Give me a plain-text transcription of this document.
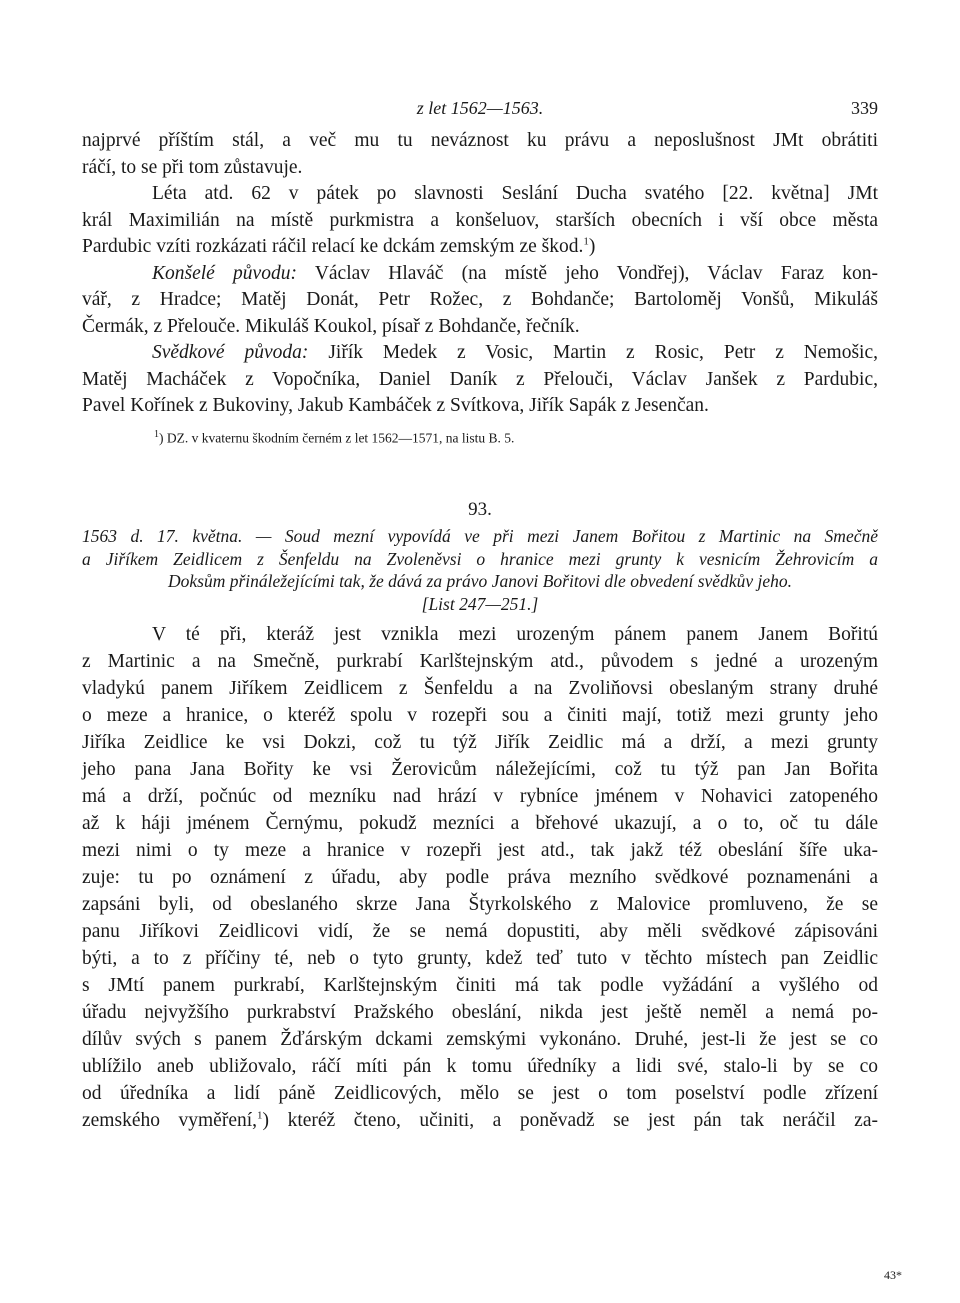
z let 1562—1563.	339
najprvé příštím stál, a več mu tu neváznost ku právu a neposlušnost JMt obrátiti
ráčí, to se při tom zůstavuje.
Léta atd. 62 v pátek po slavnosti Seslání Ducha svatého [22. května] JMt
král Maximilián na místě purkmistra a konšeluov, starších obecních i vší obce města
Pardubic vzíti rozkázati ráčil relací ke dckám zemským ze škod.$^1$)
Konšelé původu: Václav Hlaváč (na místě jeho Vondřej), Václav Faraz kon-
vář, z Hradce; Matěj Donát, Petr Rožec, z Bohdanče; Bartoloměj Vonšů, Mikuláš
Čermák, z Přelouče. Mikuláš Koukol, písař z Bohdanče, řečník.
Svědkové původa: Jiřík Medek z Vosic, Martin z Rosic, Petr z Nemošic,
Matěj Macháček z Vopočníka, Daniel Daník z Přelouči, Václav Janšek z Pardubic,
Pavel Kořínek z Bukoviny, Jakub Kambáček z Svítkova, Jiřík Sapák z Jesenčan.
$^1$) DZ. v kvaternu škodním černém z let 1562—1571, na listu B. 5.
93.
1563 d. 17. května. — Soud mezní vypovídá ve při mezi Janem Bořitou z Martinic na Smečně
a Jiříkem Zeidlicem z Šenfeldu na Zvoleněvsi o hranice mezi grunty k vesnicím Žehrovicím a
Doksům přináležejícími tak, že dává za právo Janovi Bořitovi dle obvedení svědkův jeho.
[List 247—251.]
V té při, kteráž jest vznikla mezi urozeným pánem panem Janem Bořitú
z Martinic a na Smečně, purkrabí Karlštejnským atd., původem s jedné a urozeným
vladykú panem Jiříkem Zeidlicem z Šenfeldu a na Zvoliňovsi obeslaným strany druhé
o meze a hranice, o kteréž spolu v rozepři sou a činiti mají, totiž mezi grunty jeho
Jiříka Zeidlice ke vsi Dokzi, což tu týž Jiřík Zeidlic má a drží, a mezi grunty
jeho pana Jana Bořity ke vsi Žerovicům náležejícími, což tu týž pan Jan Bořita
má a drží, počnúc od mezníku nad hrází v rybníce jménem v Nohavici zatopeného
až k háji jménem Černýmu, pokudž mezníci a břehové ukazují, a o to, oč tu dále
mezi nimi o ty meze a hranice v rozepři jest atd., tak jakž též obeslání šíře uka-
zuje: tu po oznámení z úřadu, aby podle práva mezního svědkové poznamenáni a
zapsáni byli, od obeslaného skrze Jana Štyrkolského z Malovice promluveno, že se
panu Jiříkovi Zeidlicovi vidí, že se nemá dopustiti, aby měli svědkové zápisováni
býti, a to z příčiny té, neb o tyto grunty, kdež teď tuto v těchto místech pan Zeidlic
s JMtí panem purkrabí, Karlštejnským činiti má tak podle vyžádání a vyšlého od
úřadu nejvyžšího purkrabství Pražského obeslání, nikda jest ještě neměl a nemá po-
dílův svých s panem Žďárským dckami zemskými vykonáno. Druhé, jest-li že jest se co
ublížilo aneb ubližovalo, ráčí míti pán k tomu úředníky a lidi své, stalo-li by se co
od úředníka a lidí páně Zeidlicových, mělo se jest o tom poselství podle zřízení
zemského vyměření,$^1$) kteréž čteno, učiniti, a poněvadž se jest pán tak neráčil za-
43*
